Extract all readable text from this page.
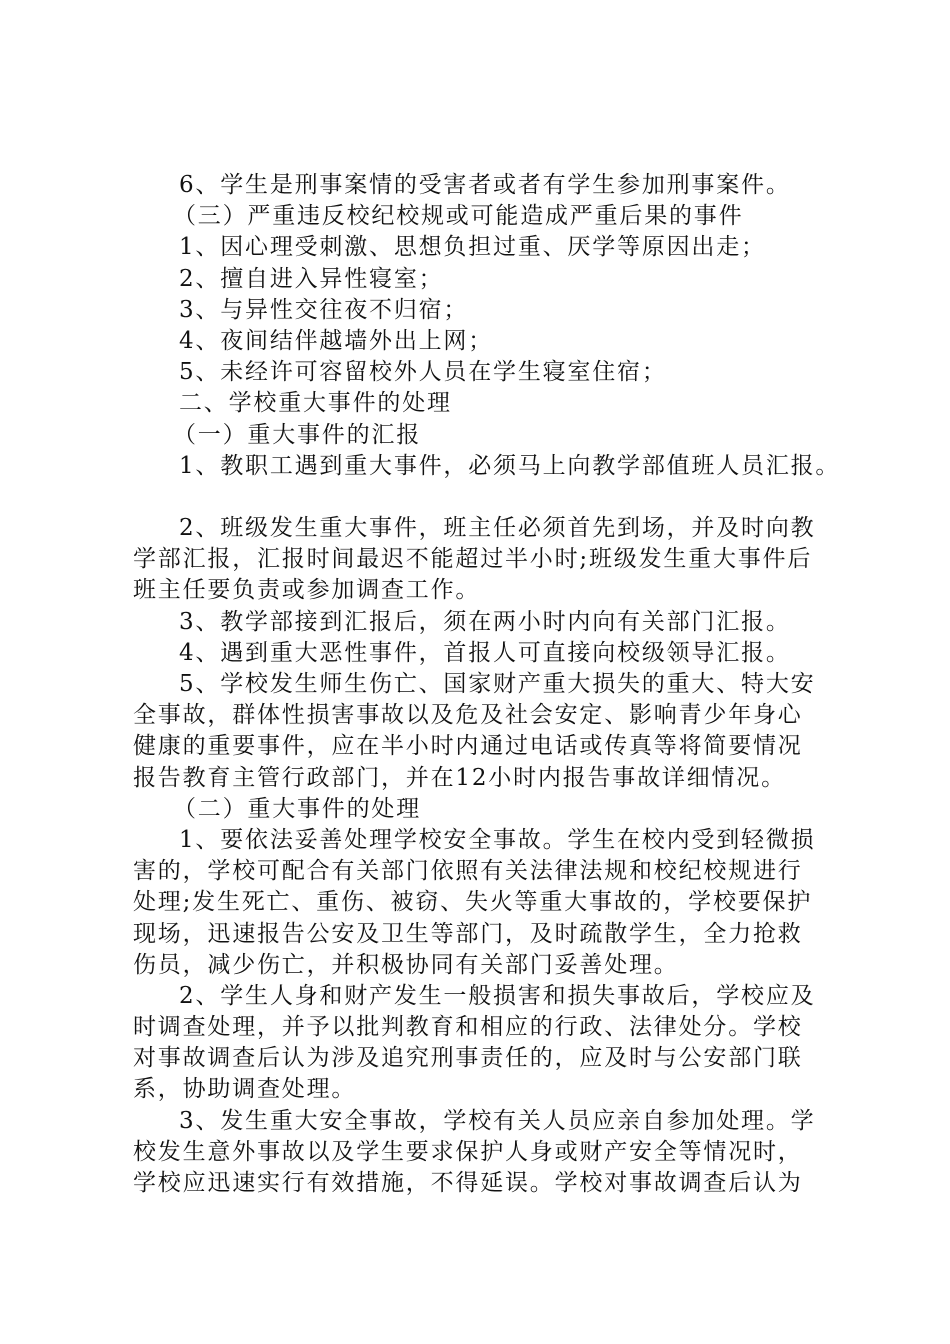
6、学生是刑事案情的受害者或者有学生参加刑事案件。
（三）严重违反校纪校规或可能造成严重后果的事件
1、因心理受刺激、思想负担过重、厌学等原因出走；
2、擅自进入异性寝室；
3、与异性交往夜不归宿；
4、夜间结伴越墙外出上网；
5、未经许可容留校外人员在学生寝室住宿；
二、学校重大事件的处理
（一）重大事件的汇报
1、教职工遇到重大事件，必须马上向教学部值班人员汇报。
2、班级发生重大事件，班主任必须首先到场，并及时向教
学部汇报，汇报时间最迟不能超过半小时;班级发生重大事件后
班主任要负责或参加调查工作。
3、教学部接到汇报后，须在两小时内向有关部门汇报。
4、遇到重大恶性事件，首报人可直接向校级领导汇报。
5、学校发生师生伤亡、国家财产重大损失的重大、特大安
全事故，群体性损害事故以及危及社会安定、影响青少年身心
健康的重要事件，应在半小时内通过电话或传真等将简要情况
报告教育主管行政部门，并在12小时内报告事故详细情况。
（二）重大事件的处理
1、要依法妥善处理学校安全事故。学生在校内受到轻微损
害的，学校可配合有关部门依照有关法律法规和校纪校规进行
处理;发生死亡、重伤、被窃、失火等重大事故的，学校要保护
现场，迅速报告公安及卫生等部门，及时疏散学生，全力抢救
伤员，减少伤亡，并积极协同有关部门妥善处理。
2、学生人身和财产发生一般损害和损失事故后，学校应及
时调查处理，并予以批判教育和相应的行政、法律处分。学校
对事故调查后认为涉及追究刑事责任的，应及时与公安部门联
系，协助调查处理。
3、发生重大安全事故，学校有关人员应亲自参加处理。学
校发生意外事故以及学生要求保护人身或财产安全等情况时，
学校应迅速实行有效措施，不得延误。学校对事故调查后认为
